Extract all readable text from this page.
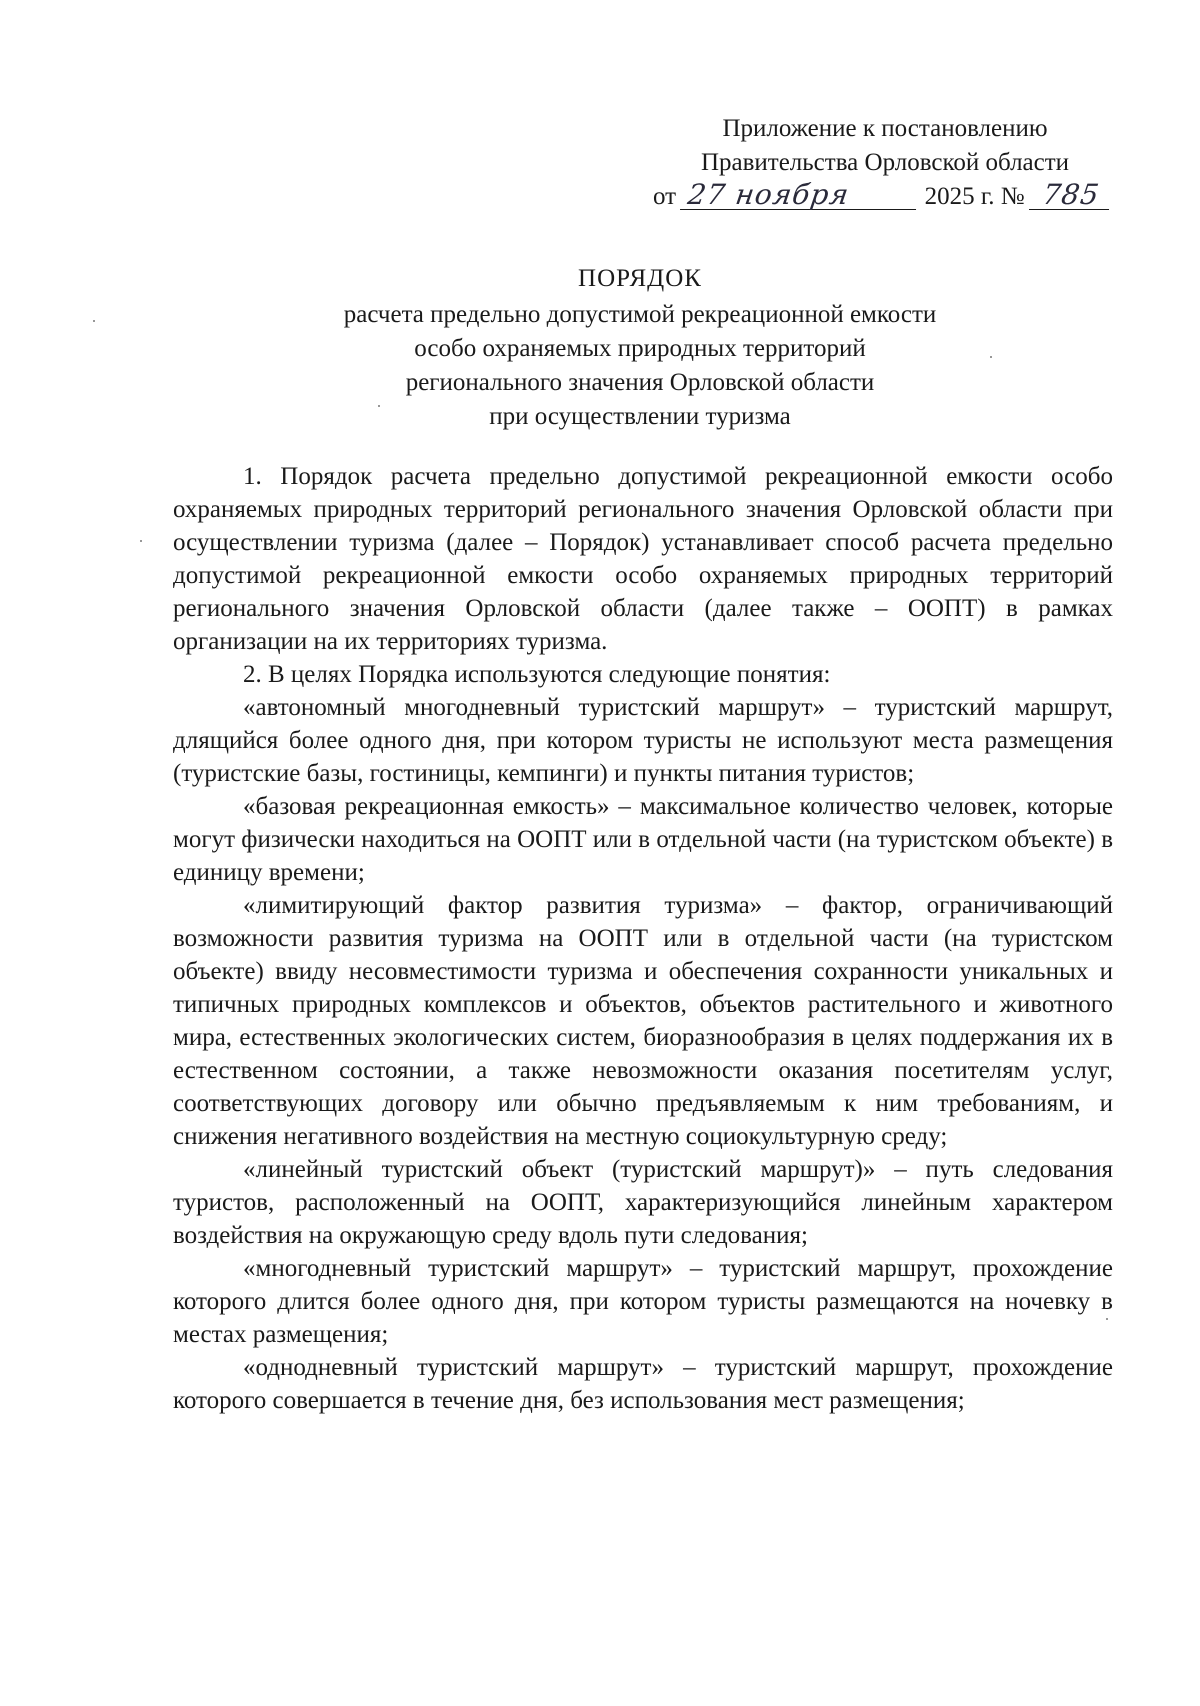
Приложение к постановлению
Правительства Орловской области
от 27 ноября	2025 г. № 785
ПОРЯДОК
расчета предельно допустимой рекреационной емкости
особо охраняемых природных территорий
регионального значения Орловской области
при осуществлении туризма

1. Порядок расчета предельно допустимой рекреационной емкости особо охраняемых природных территорий регионального значения Орловской области при осуществлении туризма (далее – Порядок) устанавливает способ расчета предельно допустимой рекреационной емкости особо охраняемых природных территорий регионального значения Орловской области (далее также – ООПТ) в рамках организации на их территориях туризма.

2. В целях Порядка используются следующие понятия:

«автономный многодневный туристский маршрут» – туристский маршрут, длящийся более одного дня, при котором туристы не используют места размещения (туристские базы, гостиницы, кемпинги) и пункты питания туристов;

«базовая рекреационная емкость» – максимальное количество человек, которые могут физически находиться на ООПТ или в отдельной части (на туристском объекте) в единицу времени;

«лимитирующий фактор развития туризма» – фактор, ограничивающий возможности развития туризма на ООПТ или в отдельной части (на туристском объекте) ввиду несовместимости туризма и обеспечения сохранности уникальных и типичных природных комплексов и объектов, объектов растительного и животного мира, естественных экологических систем, биоразнообразия в целях поддержания их в естественном состоянии, а также невозможности оказания посетителям услуг, соответствующих договору или обычно предъявляемым к ним требованиям, и снижения негативного воздействия на местную социокультурную среду;

«линейный туристский объект (туристский маршрут)» – путь следования туристов, расположенный на ООПТ, характеризующийся линейным характером воздействия на окружающую среду вдоль пути следования;

«многодневный туристский маршрут» – туристский маршрут, прохождение которого длится более одного дня, при котором туристы размещаются на ночевку в местах размещения;

«однодневный туристский маршрут» – туристский маршрут, прохождение которого совершается в течение дня, без использования мест размещения;
